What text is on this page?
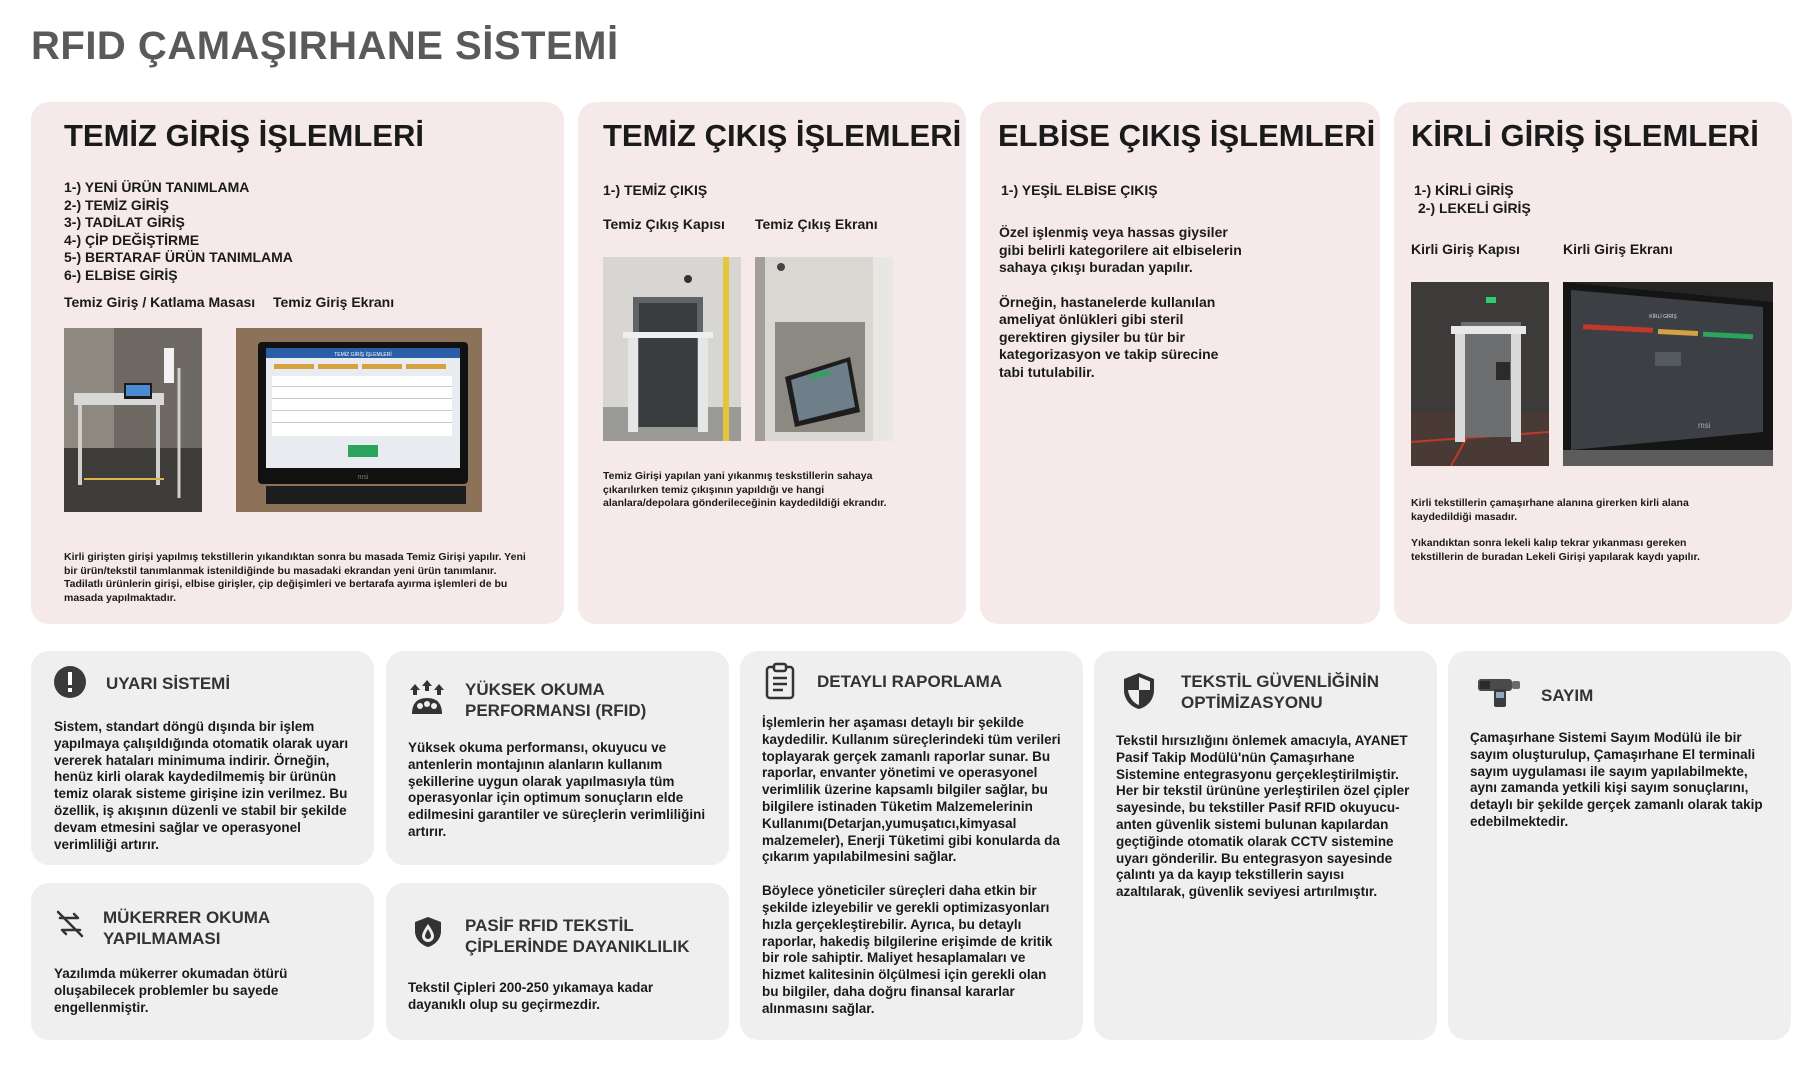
RFID ÇAMAŞIRHANE SİSTEMİ
TEMİZ GİRİŞ İŞLEMLERİ
1-) YENİ ÜRÜN TANIMLAMA
2-) TEMİZ GİRİŞ
3-) TADİLAT GİRİŞ
4-) ÇİP DEĞİŞTİRME
5-) BERTARAF ÜRÜN TANIMLAMA
6-) ELBİSE GİRİŞ
Temiz Giriş / Katlama Masası Temiz Giriş Ekranı
TEMİZ GİRİŞ İŞLEMLERİ
msi
Kirli girişten girişi yapılmış tekstillerin yıkandıktan sonra bu masada Temiz Girişi yapılır. Yeni bir ürün/tekstil tanımlanmak istenildiğinde bu masadaki ekrandan yeni ürün tanımlanır. Tadilatlı ürünlerin girişi, elbise girişler, çip değişimleri ve bertarafa ayırma işlemleri de bu masada yapılmaktadır.
TEMİZ ÇIKIŞ İŞLEMLERİ
1-) TEMİZ ÇIKIŞ
Temiz Çıkış Kapısı Temiz Çıkış Ekranı
Temiz Girişi yapılan yani yıkanmış teskstillerin sahaya çıkarılırken temiz çıkışının yapıldığı ve hangi alanlara/depolara gönderileceğinin kaydedildiği ekrandır.
ELBİSE ÇIKIŞ İŞLEMLERİ
1-) YEŞİL ELBİSE ÇIKIŞ
Özel işlenmiş veya hassas giysiler gibi belirli kategorilere ait elbiselerin sahaya çıkışı buradan yapılır.
Örneğin, hastanelerde kullanılan ameliyat önlükleri gibi steril gerektiren giysiler bu tür bir kategorizasyon ve takip sürecine tabi tutulabilir.
KİRLİ GİRİŞ İŞLEMLERİ
1-) KİRLİ GİRİŞ
2-) LEKELİ GİRİŞ
Kirli Giriş Kapısı	Kirli Giriş Ekranı
KİRLİ GİRİŞ
msi
Kirli tekstillerin çamaşırhane alanına girerken kirli alana kaydedildiği masadır.
Yıkandıktan sonra lekeli kalıp tekrar yıkanması gereken tekstillerin de buradan Lekeli Girişi yapılarak kaydı yapılır.
UYARI SİSTEMİ
Sistem, standart döngü dışında bir işlem yapılmaya çalışıldığında otomatik olarak uyarı vererek hataları minimuma indirir. Örneğin, henüz kirli olarak kaydedilmemiş bir ürünün temiz olarak sisteme girişine izin verilmez. Bu özellik, iş akışının düzenli ve stabil bir şekilde devam etmesini sağlar ve operasyonel verimliliği artırır.
MÜKERRER OKUMA YAPILMAMASI
Yazılımda mükerrer okumadan ötürü oluşabilecek problemler bu sayede engellenmiştir.
YÜKSEK OKUMA PERFORMANSI (RFID)
Yüksek okuma performansı, okuyucu ve antenlerin montajının alanların kullanım şekillerine uygun olarak yapılmasıyla tüm operasyonlar için optimum sonuçların elde edilmesini garantiler ve süreçlerin verimliliğini artırır.
PASİF RFID TEKSTİL ÇİPLERİNDE DAYANIKLILIK
Tekstil Çipleri 200-250 yıkamaya kadar dayanıklı olup su geçirmezdir.
DETAYLI RAPORLAMA
İşlemlerin her aşaması detaylı bir şekilde kaydedilir. Kullanım süreçlerindeki tüm verileri toplayarak gerçek zamanlı raporlar sunar. Bu raporlar, envanter yönetimi ve operasyonel verimlilik üzerine kapsamlı bilgiler sağlar, bu bilgilere istinaden Tüketim Malzemelerinin Kullanımı(Detarjan,yumuşatıcı,kimyasal malzemeler), Enerji Tüketimi gibi konularda da çıkarım yapılabilmesini sağlar.
Böylece yöneticiler süreçleri daha etkin bir şekilde izleyebilir ve gerekli optimizasyonları hızla gerçekleştirebilir. Ayrıca, bu detaylı raporlar, hakediş bilgilerine erişimde de kritik bir role sahiptir. Maliyet hesaplamaları ve hizmet kalitesinin ölçülmesi için gerekli olan bu bilgiler, daha doğru finansal kararlar alınmasını sağlar.
TEKSTİL GÜVENLİĞİNİN OPTİMİZASYONU
Tekstil hırsızlığını önlemek amacıyla, AYANET Pasif Takip Modülü'nün Çamaşırhane Sistemine entegrasyonu gerçekleştirilmiştir. Her bir tekstil ürününe yerleştirilen özel çipler sayesinde, bu tekstiller Pasif RFID okuyucu-anten güvenlik sistemi bulunan kapılardan geçtiğinde otomatik olarak CCTV sistemine uyarı gönderilir. Bu entegrasyon sayesinde çalıntı ya da kayıp tekstillerin sayısı azaltılarak, güvenlik seviyesi artırılmıştır.
SAYIM
Çamaşırhane Sistemi Sayım Modülü ile bir sayım oluşturulup, Çamaşırhane El terminali sayım uygulaması ile sayım yapılabilmekte, aynı zamanda yetkili kişi sayım sonuçlarını, detaylı bir şekilde gerçek zamanlı olarak takip edebilmektedir.
